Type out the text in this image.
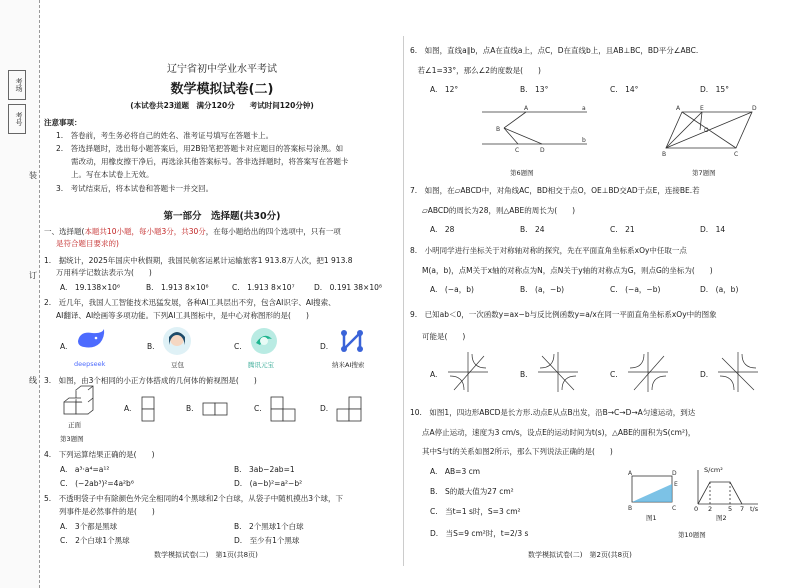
考场
考号
装
订
线
辽宁省初中学业水平考试
数学模拟试卷(二)
(本试卷共23道题　满分120分　　考试时间120分钟)
注意事项：
1.　答卷前，考生务必将自己的姓名、准考证号填写在答题卡上。
2.　答选择题时，选出每小题答案后，用2B铅笔把答题卡对应题目的答案标号涂黑。如
　　需改动，用橡皮擦干净后，再选涂其他答案标号。答非选择题时，将答案写在答题卡
　　上。写在本试卷上无效。
3.　考试结束后，将本试卷和答题卡一并交回。
第一部分　选择题(共30分)
一、选择题(本题共10小题，每小题3分，共30分，在每小题给出的四个选项中，只有一项
是符合题目要求的)
1.　据统计，2025年国庆中秋假期，我国民航客运累计运输旅客1 913.8万人次，把1 913.8
万用科学记数法表示为(　　)
A.　19.138×10⁶	B.　1.913 8×10⁶	C.　1.913 8×10⁷	D.　0.191 38×10⁸
2.　近几年，我国人工智能技术迅猛发展，各种AI工具层出不穷，包含AI识字、AI搜索、
AI翻译、AI绘画等多项功能。下列AI工具图标中，是中心对称图形的是(　　)
A.
deepseek
B.
豆包
C.
腾讯元宝
D.
纳米AI搜索
3.　如图，由3个相同的小正方体搭成的几何体的俯视图是(　　)
正面
A.	B.	C.	D.
第3题图
4.　下列运算结果正确的是(　　)
A.　a³·a⁴=a¹²	B.　3ab−2ab=1
C.　(−2ab³)²=4a²b⁶	D.　(a−b)²=a²−b²
5.　不透明袋子中有除颜色外完全相同的4个黑球和2个白球，从袋子中随机摸出3个球，下
　　列事件是必然事件的是(　　)
A.　3个都是黑球	B.　2个黑球1个白球
C.　2个白球1个黑球	D.　至少有1个黑球
数学模拟试卷(二)　第1页(共8页)
6.　如图，直线a∥b，点A在直线a上，点C，D在直线b上，且AB⊥BC，BD平分∠ABC.
　若∠1=33°，那么∠2的度数是(　　)
A.　12°	B.　13°	C.　14°	D.　15°
A
B
C	D
a
b
A	E	D
B	C
O
第6题图	第7题图
7.　如图，在▱ABCD中，对角线AC，BD相交于点O，OE⊥BD交AD于点E，连接BE.若
▱ABCD的周长为28，则△ABE的周长为(　　)
A.　28	B.　24	C.　21	D.　14
8.　小明同学进行坐标关于对称轴对称的探究，先在平面直角坐标系xOy中任取一点
M(a，b)，点M关于x轴的对称点为N，点N关于y轴的对称点为G，则点G的坐标为(　　)
A.　(−a，b)	B.　(a，−b)	C.　(−a，−b)	D.　(a，b)
9.　已知ab＜0，一次函数y=ax−b与反比例函数y=a/x在同一平面直角坐标系xOy中的图象
可能是(　　)
A.	B.	C.	D.
10.　如图1，四边形ABCD是长方形.动点E从点B出发，沿B→C→D→A匀速运动，到达
点A停止运动，速度为3 cm/s，设点E的运动时间为t(s)，△ABE的面积为S(cm²)，
其中S与t的关系如图2所示，那么下列说法正确的是(　　)
A.　AB=3 cm
B.　S的最大值为27 cm²
C.　当t=1 s时，S=3 cm²
D.　当S=9 cm²时，t=2/3 s
A	D
B	C
E
图1
S/cm²
0 2 5 7 t/s
图2
第10题图
数学模拟试卷(二)　第2页(共8页)
